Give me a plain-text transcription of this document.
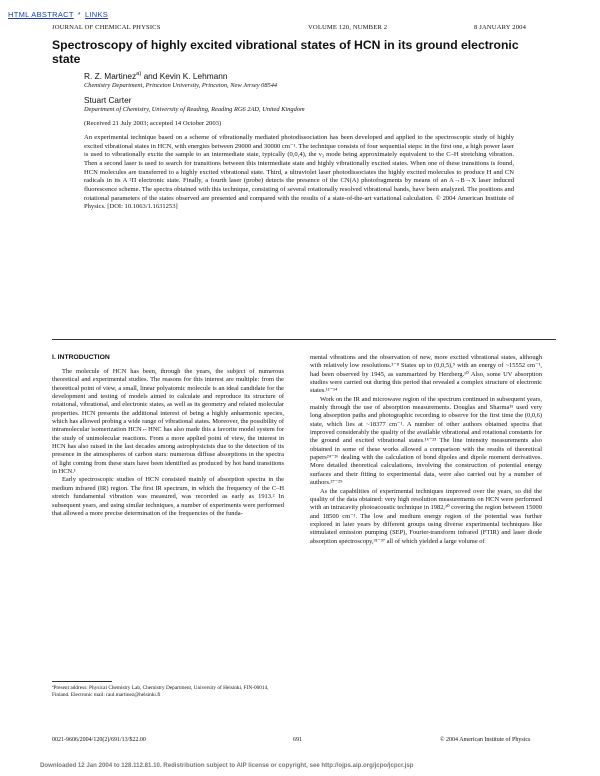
HTML ABSTRACT * LINKS
JOURNAL OF CHEMICAL PHYSICS	VOLUME 120, NUMBER 2	8 JANUARY 2004
Spectroscopy of highly excited vibrational states of HCN in its ground electronic state
R. Z. Martinez$^{a)}$ and Kevin K. Lehmann
Chemistry Department, Princeton University, Princeton, New Jersey 08544
Stuart Carter
Department of Chemistry, University of Reading, Reading RG6 2AD, United Kingdom
(Received 21 July 2003; accepted 14 October 2003)
An experimental technique based on a scheme of vibrationally mediated photodissociation has been developed and applied to the spectroscopic study of highly excited vibrational states in HCN, with energies between 29000 and 30000 cm⁻¹. The technique consists of four sequential steps: in the first one, a high power laser is used to vibrationally excite the sample to an intermediate state, typically (0,0,4), the ν₃ mode being approximately equivalent to the C–H stretching vibration. Then a second laser is used to search for transitions between this intermediate state and highly vibrationally excited states. When one of these transitions is found, HCN molecules are transferred to a highly excited vibrational state. Third, a ultraviolet laser photodissociates the highly excited molecules to produce H and CN radicals in its A ²Π electronic state. Finally, a fourth laser (probe) detects the presence of the CN(A) photofragments by means of an A→B→X laser induced fluorescence scheme. The spectra obtained with this technique, consisting of several rotationally resolved vibrational bands, have been analyzed. The positions and rotational parameters of the states observed are presented and compared with the results of a state-of-the-art variational calculation. © 2004 American Institute of Physics. [DOI: 10.1063/1.1631253]
I. INTRODUCTION

The molecule of HCN has been, through the years, the subject of numerous theoretical and experimental studies. The reasons for this interest are multiple: from the theoretical point of view, a small, linear polyatomic molecule is an ideal candidate for the development and testing of models aimed to calculate and reproduce its structure of rotational, vibrational, and electronic states, as well as its geometry and related molecular properties. HCN presents the additional interest of being a highly anharmonic species, which has allowed probing a wide range of vibrational states. Moreover, the possibility of intramolecular isomerization HCN↔HNC has also made this a favorite model system for the study of unimolecular reactions. From a more applied point of view, the interest in HCN has also raised in the last decades among astrophysicists due to the detection of its presence in the atmospheres of carbon stars: numerous diffuse absorptions in the spectra of light coming from these stars have been identified as produced by hot band transitions in HCN.¹

Early spectroscopic studies of HCN consisted mainly of absorption spectra in the medium infrared (IR) region. The first IR spectrum, in which the frequency of the C–H stretch fundamental vibration was measured, was recorded as early as 1913.² In subsequent years, and using similar techniques, a number of experiments were performed that allowed a more precise determination of the frequencies of the funda-

ªPresent address: Physical Chemistry Lab, Chemistry Department, University of Helsinki, FIN-00014, Finland. Electronic mail: raul.martinez@helsinki.fi

mental vibrations and the observation of new, more excited vibrational states, although with relatively low resolutions.³⁻⁸ States up to (0,0,5),⁹ with an energy of ~15552 cm⁻¹, had been observed by 1945, as summarized by Herzberg.¹⁰ Also, some UV absorption studies were carried out during this period that revealed a complex structure of electronic states.¹¹⁻¹⁴

Work on the IR and microwave region of the spectrum continued in subsequent years, mainly through the use of absorption measurements. Douglas and Sharma¹⁵ used very long absorption paths and photographic recording to observe for the first time the (0,0,6) state, which lies at ~18377 cm⁻¹. A number of other authors obtained spectra that improved considerably the quality of the available vibrational and rotational constants for the ground and excited vibrational states.¹⁶⁻²³ The line intensity measurements also obtained in some of these works allowed a comparison with the results of theoretical papers²⁴⁻²⁶ dealing with the calculation of bond dipoles and dipole moment derivatives. More detailed theoretical calculations, involving the construction of potential energy surfaces and their fitting to experimental data, were also carried out by a number of authors.²⁷⁻²⁹

As the capabilities of experimental techniques improved over the years, so did the quality of the data obtained: very high resolution measurements on HCN were performed with an intracavity photoacoustic technique in 1982,³⁰ covering the region between 15000 and 18500 cm⁻¹. The low and medium energy region of the potential was further explored in later years by different groups using diverse experimental techniques like stimulated emission pumping (SEP), Fourier-transform infrared (FTIR) and laser diode absorption spectroscopy,³¹⁻³⁷ all of which yielded a large volume of

0021-9606/2004/120(2)/691/13/$22.00	691	© 2004 American Institute of Physics
Downloaded 12 Jan 2004 to 128.112.81.10. Redistribution subject to AIP license or copyright, see http://ojps.aip.org/jcpo/jcpcr.jsp
